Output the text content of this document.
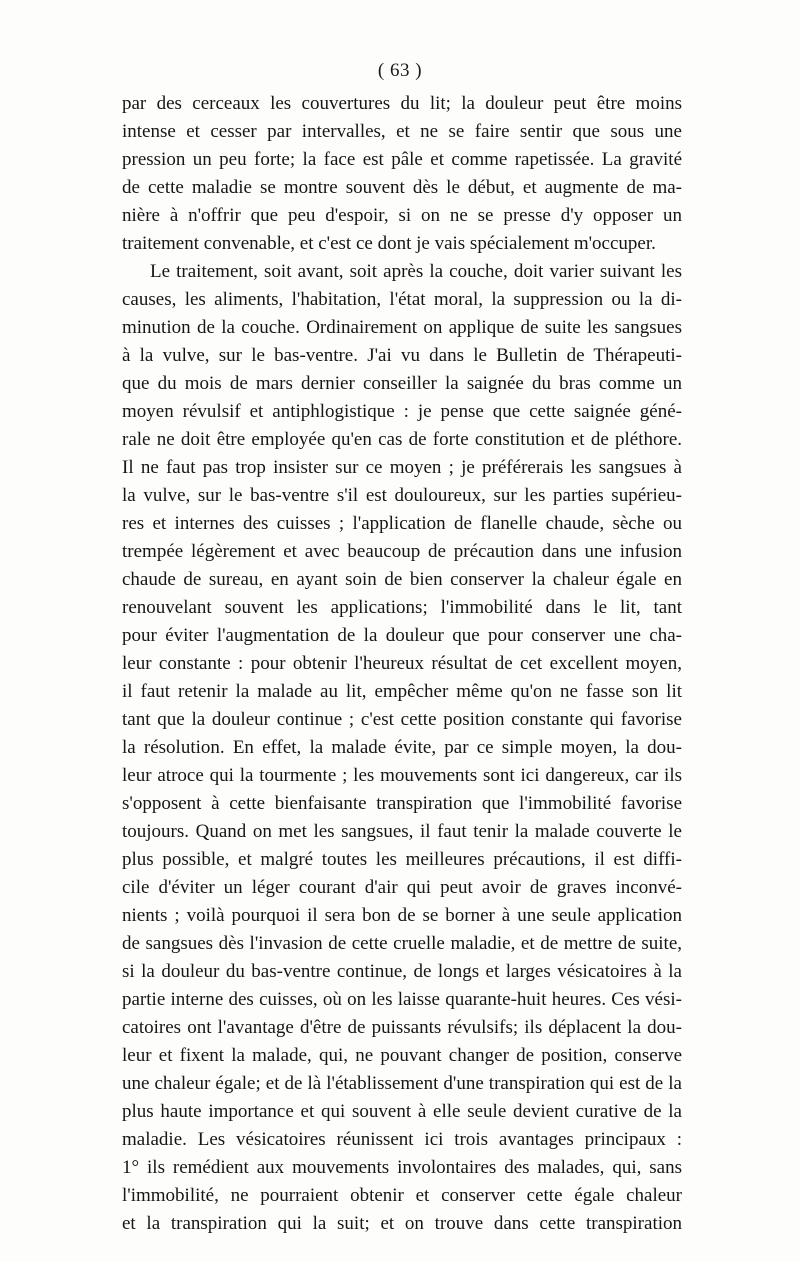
( 63 )
par des cerceaux les couvertures du lit; la douleur peut être moins
intense et cesser par intervalles, et ne se faire sentir que sous une
pression un peu forte; la face est pâle et comme rapetissée. La gravité
de cette maladie se montre souvent dès le début, et augmente de ma-
nière à n'offrir que peu d'espoir, si on ne se presse d'y opposer un
traitement convenable, et c'est ce dont je vais spécialement m'occuper.
Le traitement, soit avant, soit après la couche, doit varier suivant les
causes, les aliments, l'habitation, l'état moral, la suppression ou la di-
minution de la couche. Ordinairement on applique de suite les sangsues
à la vulve, sur le bas-ventre. J'ai vu dans le Bulletin de Thérapeuti-
que du mois de mars dernier conseiller la saignée du bras comme un
moyen révulsif et antiphlogistique : je pense que cette saignée géné-
rale ne doit être employée qu'en cas de forte constitution et de pléthore.
Il ne faut pas trop insister sur ce moyen ; je préférerais les sangsues à
la vulve, sur le bas-ventre s'il est douloureux, sur les parties supérieu-
res et internes des cuisses ; l'application de flanelle chaude, sèche ou
trempée légèrement et avec beaucoup de précaution dans une infusion
chaude de sureau, en ayant soin de bien conserver la chaleur égale en
renouvelant souvent les applications; l'immobilité dans le lit, tant
pour éviter l'augmentation de la douleur que pour conserver une cha-
leur constante : pour obtenir l'heureux résultat de cet excellent moyen,
il faut retenir la malade au lit, empêcher même qu'on ne fasse son lit
tant que la douleur continue ; c'est cette position constante qui favorise
la résolution. En effet, la malade évite, par ce simple moyen, la dou-
leur atroce qui la tourmente ; les mouvements sont ici dangereux, car ils
s'opposent à cette bienfaisante transpiration que l'immobilité favorise
toujours. Quand on met les sangsues, il faut tenir la malade couverte le
plus possible, et malgré toutes les meilleures précautions, il est diffi-
cile d'éviter un léger courant d'air qui peut avoir de graves inconvé-
nients ; voilà pourquoi il sera bon de se borner à une seule application
de sangsues dès l'invasion de cette cruelle maladie, et de mettre de suite,
si la douleur du bas-ventre continue, de longs et larges vésicatoires à la
partie interne des cuisses, où on les laisse quarante-huit heures. Ces vési-
catoires ont l'avantage d'être de puissants révulsifs; ils déplacent la dou-
leur et fixent la malade, qui, ne pouvant changer de position, conserve
une chaleur égale; et de là l'établissement d'une transpiration qui est de la
plus haute importance et qui souvent à elle seule devient curative de la
maladie. Les vésicatoires réunissent ici trois avantages principaux :
1° ils remédient aux mouvements involontaires des malades, qui, sans
l'immobilité, ne pourraient obtenir et conserver cette égale chaleur
et la transpiration qui la suit; et on trouve dans cette transpiration
